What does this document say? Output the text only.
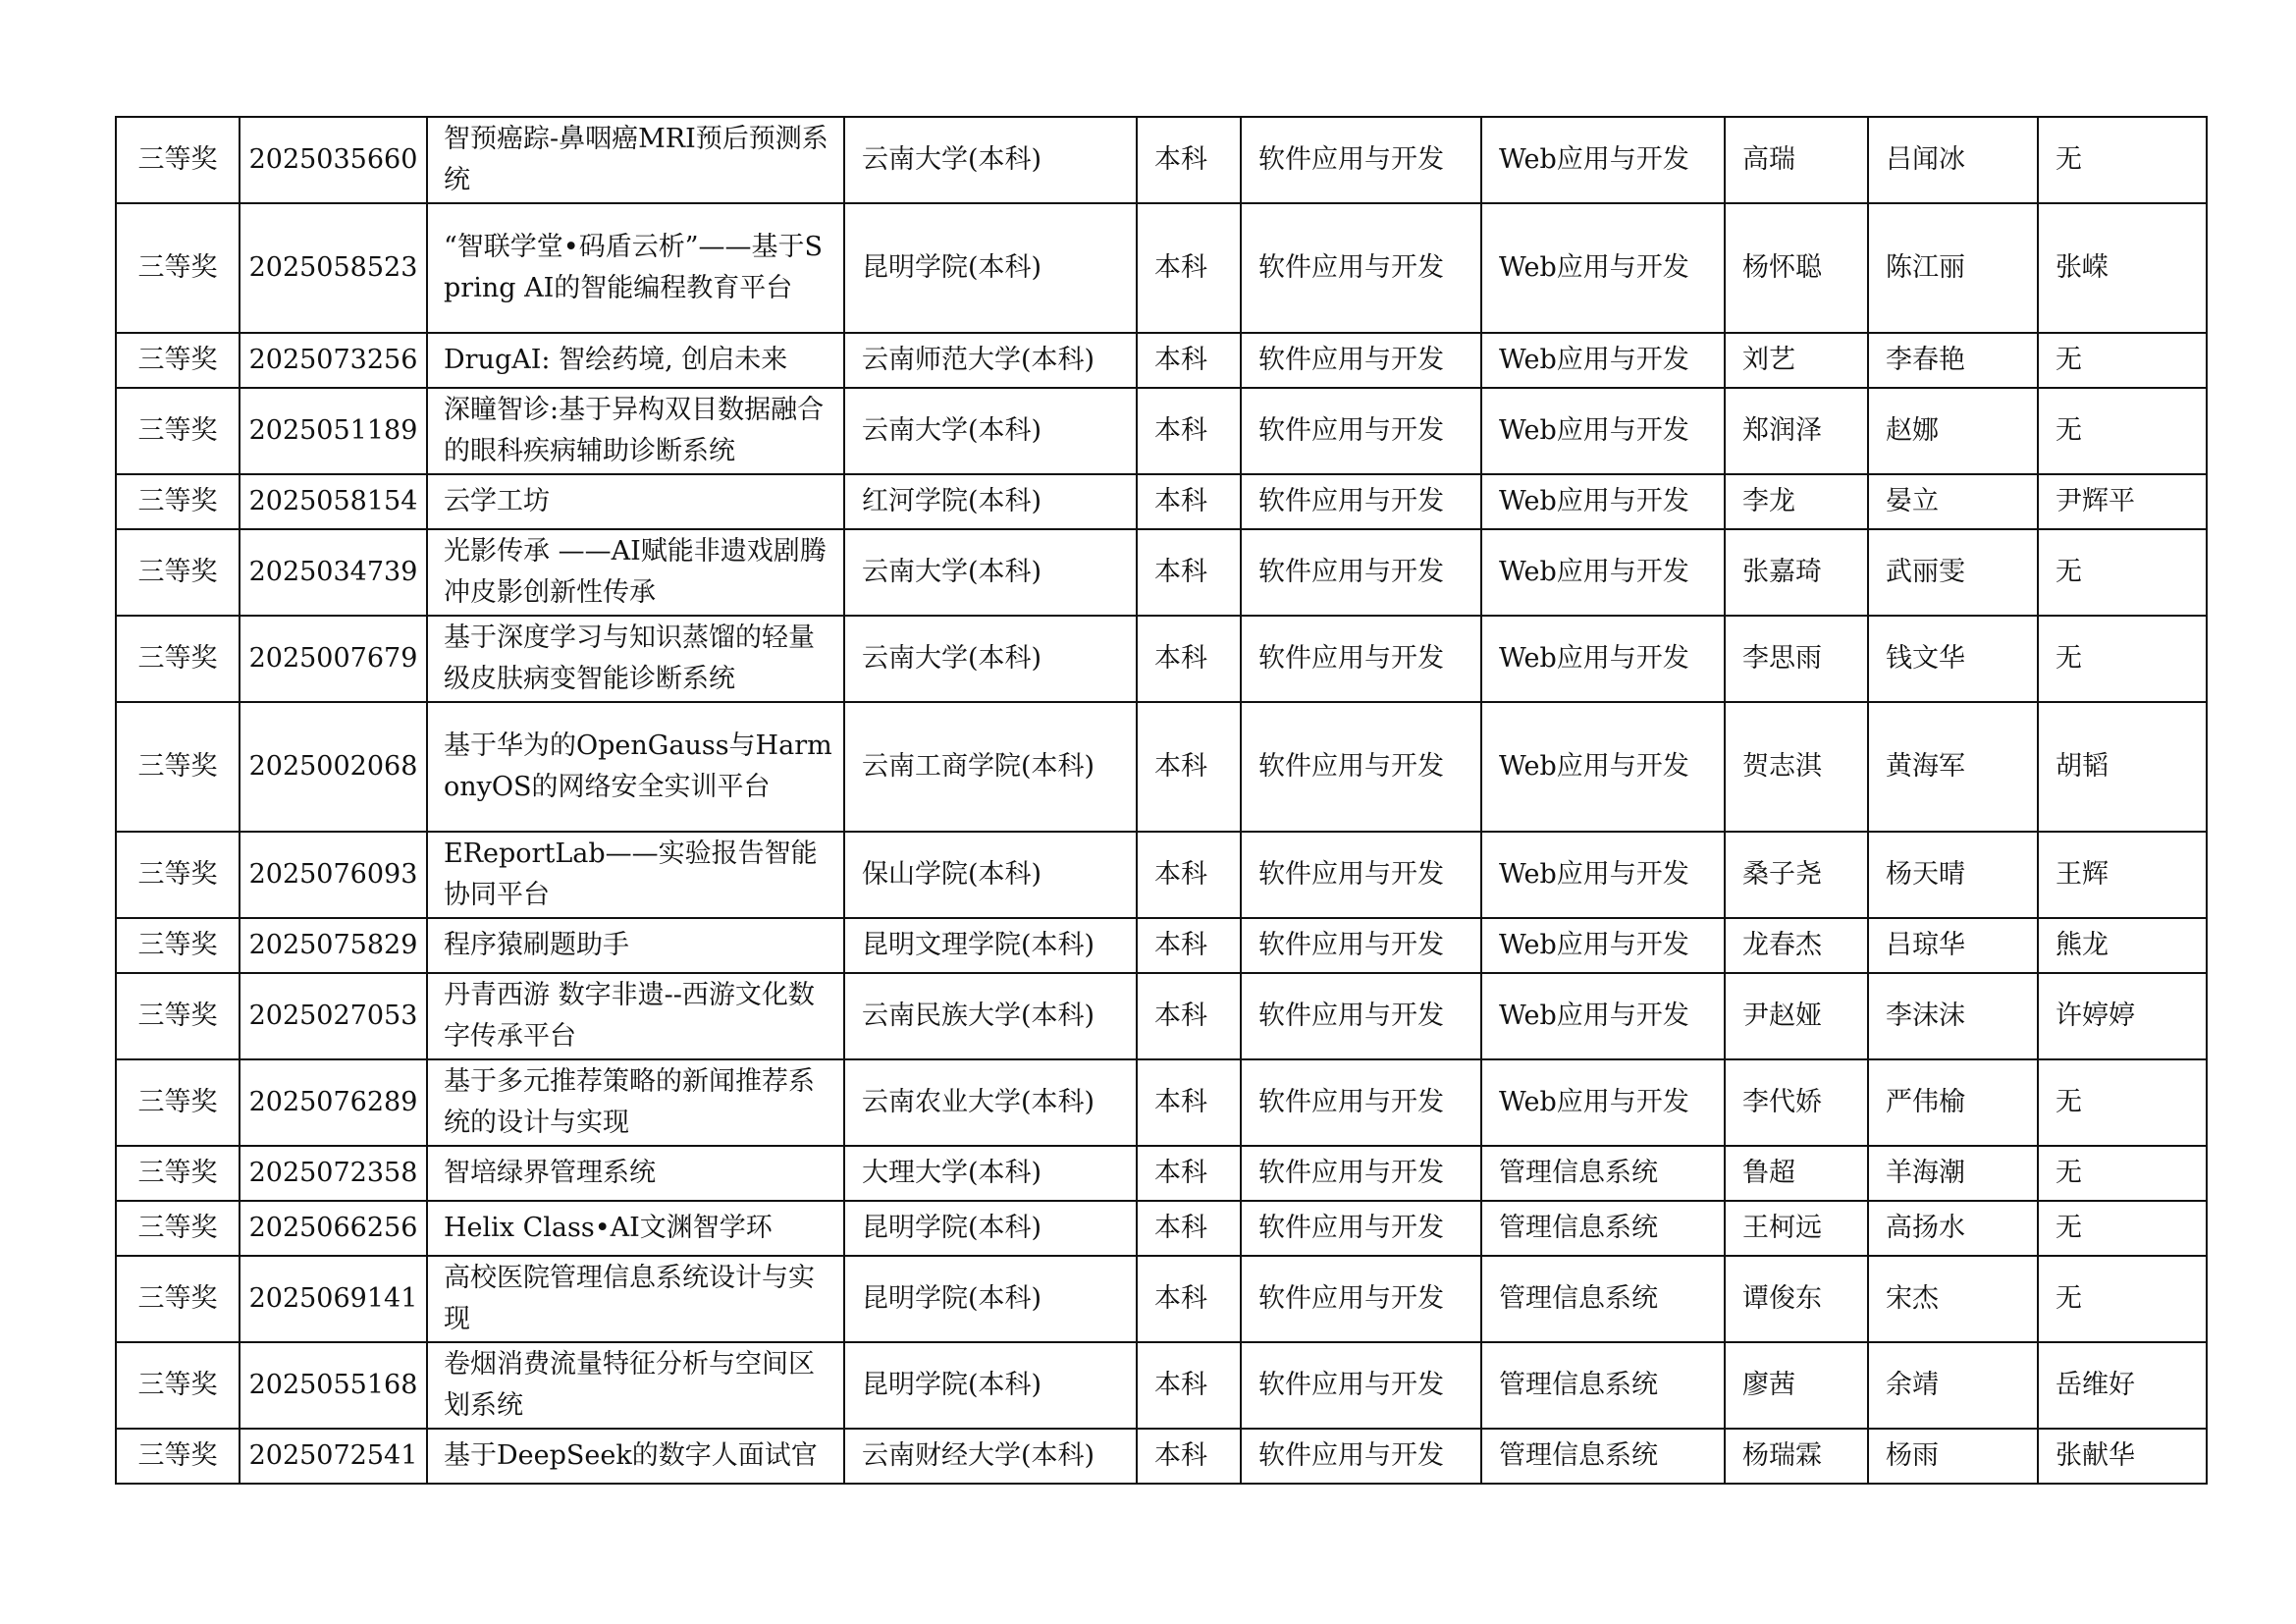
三等奖	2025035660	智预癌踪-鼻咽癌MRI预后预测系统	云南大学(本科)	本科	软件应用与开发	Web应用与开发	高瑞	吕闻冰	无
三等奖	2025058523	“智联学堂•码盾云析”——基于Spring AI的智能编程教育平台	昆明学院(本科)	本科	软件应用与开发	Web应用与开发	杨怀聪	陈江丽	张嵘
三等奖	2025073256	DrugAI: 智绘药境, 创启未来	云南师范大学(本科)	本科	软件应用与开发	Web应用与开发	刘艺	李春艳	无
三等奖	2025051189	深瞳智诊:基于异构双目数据融合的眼科疾病辅助诊断系统	云南大学(本科)	本科	软件应用与开发	Web应用与开发	郑润泽	赵娜	无
三等奖	2025058154	云学工坊	红河学院(本科)	本科	软件应用与开发	Web应用与开发	李龙	晏立	尹辉平
三等奖	2025034739	光影传承 ——AI赋能非遗戏剧腾冲皮影创新性传承	云南大学(本科)	本科	软件应用与开发	Web应用与开发	张嘉琦	武丽雯	无
三等奖	2025007679	基于深度学习与知识蒸馏的轻量级皮肤病变智能诊断系统	云南大学(本科)	本科	软件应用与开发	Web应用与开发	李思雨	钱文华	无
三等奖	2025002068	基于华为的OpenGauss与HarmonyOS的网络安全实训平台	云南工商学院(本科)	本科	软件应用与开发	Web应用与开发	贺志淇	黄海军	胡韬
三等奖	2025076093	EReportLab——实验报告智能协同平台	保山学院(本科)	本科	软件应用与开发	Web应用与开发	桑子尧	杨天晴	王辉
三等奖	2025075829	程序猿刷题助手	昆明文理学院(本科)	本科	软件应用与开发	Web应用与开发	龙春杰	吕琼华	熊龙
三等奖	2025027053	丹青西游 数字非遗--西游文化数字传承平台	云南民族大学(本科)	本科	软件应用与开发	Web应用与开发	尹赵娅	李沫沫	许婷婷
三等奖	2025076289	基于多元推荐策略的新闻推荐系统的设计与实现	云南农业大学(本科)	本科	软件应用与开发	Web应用与开发	李代娇	严伟榆	无
三等奖	2025072358	智培绿界管理系统	大理大学(本科)	本科	软件应用与开发	管理信息系统	鲁超	羊海潮	无
三等奖	2025066256	Helix Class•AI文渊智学环	昆明学院(本科)	本科	软件应用与开发	管理信息系统	王柯远	高扬水	无
三等奖	2025069141	高校医院管理信息系统设计与实现	昆明学院(本科)	本科	软件应用与开发	管理信息系统	谭俊东	宋杰	无
三等奖	2025055168	卷烟消费流量特征分析与空间区划系统	昆明学院(本科)	本科	软件应用与开发	管理信息系统	廖茜	余靖	岳维好
三等奖	2025072541	基于DeepSeek的数字人面试官	云南财经大学(本科)	本科	软件应用与开发	管理信息系统	杨瑞霖	杨雨	张献华
